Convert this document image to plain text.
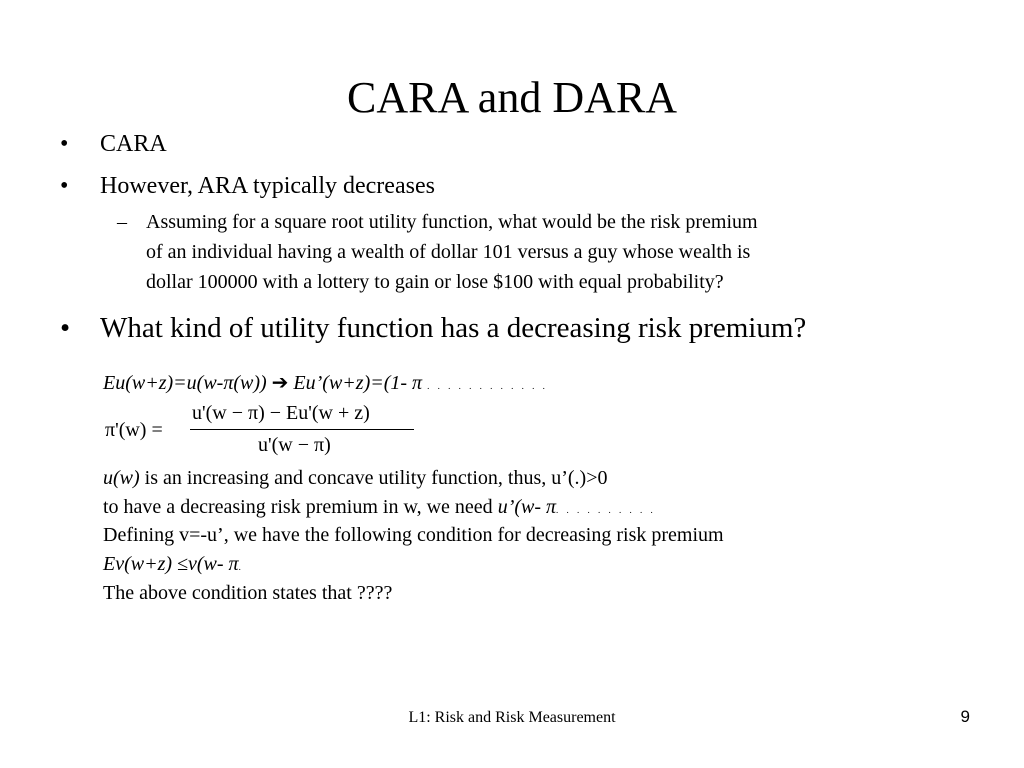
CARA and DARA
• CARA
• However, ARA typically decreases
– Assuming for a square root utility function, what would be the risk premium
of an individual having a wealth of dollar 101 versus a guy whose wealth is
dollar 100000 with a lottery to gain or lose $100 with equal probability?
• What kind of utility function has a decreasing risk premium?
Eu(w+z)=u(w-π(w)) ➔ Eu’(w+z)=(1- π . . . . . . . . . . . .
π'(w) =
u'(w − π) − Eu'(w + z)
u'(w − π)
u(w) is an increasing and concave utility function, thus, u’(.)>0
to have a decreasing risk premium in w, we need u’(w- π. . . . . . . . . .
Defining v=-u’, we have the following condition for decreasing risk premium
Ev(w+z) ≤v(w- π.
The above condition states that ????
L1: Risk and Risk Measurement	9
